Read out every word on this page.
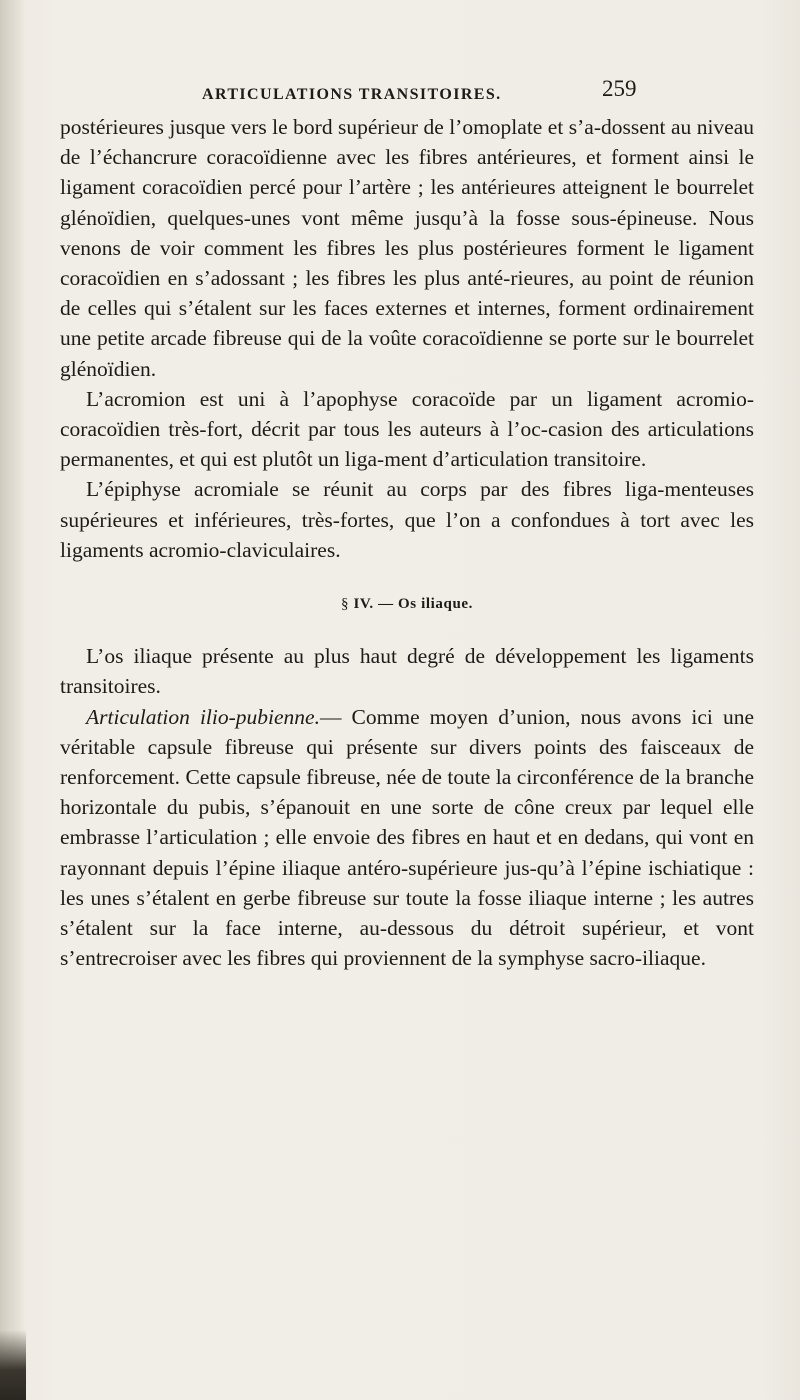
ARTICULATIONS TRANSITOIRES.	259

postérieures jusque vers le bord supérieur de l’omoplate et s’a-dossent au niveau de l’échancrure coracoïdienne avec les fibres antérieures, et forment ainsi le ligament coracoïdien percé pour l’artère ; les antérieures atteignent le bourrelet glénoïdien, quelques-unes vont même jusqu’à la fosse sous-épineuse. Nous venons de voir comment les fibres les plus postérieures forment le ligament coracoïdien en s’adossant ; les fibres les plus anté-rieures, au point de réunion de celles qui s’étalent sur les faces externes et internes, forment ordinairement une petite arcade fibreuse qui de la voûte coracoïdienne se porte sur le bourrelet glénoïdien.

L’acromion est uni à l’apophyse coracoïde par un ligament acromio-coracoïdien très-fort, décrit par tous les auteurs à l’oc-casion des articulations permanentes, et qui est plutôt un liga-ment d’articulation transitoire.

L’épiphyse acromiale se réunit au corps par des fibres liga-menteuses supérieures et inférieures, très-fortes, que l’on a confondues à tort avec les ligaments acromio-claviculaires.

§ IV. — Os iliaque.

L’os iliaque présente au plus haut degré de développement les ligaments transitoires.

Articulation ilio-pubienne.— Comme moyen d’union, nous avons ici une véritable capsule fibreuse qui présente sur divers points des faisceaux de renforcement. Cette capsule fibreuse, née de toute la circonférence de la branche horizontale du pubis, s’épanouit en une sorte de cône creux par lequel elle embrasse l’articulation ; elle envoie des fibres en haut et en dedans, qui vont en rayonnant depuis l’épine iliaque antéro-supérieure jus-qu’à l’épine ischiatique : les unes s’étalent en gerbe fibreuse sur toute la fosse iliaque interne ; les autres s’étalent sur la face interne, au-dessous du détroit supérieur, et vont s’entrecroiser avec les fibres qui proviennent de la symphyse sacro-iliaque.
